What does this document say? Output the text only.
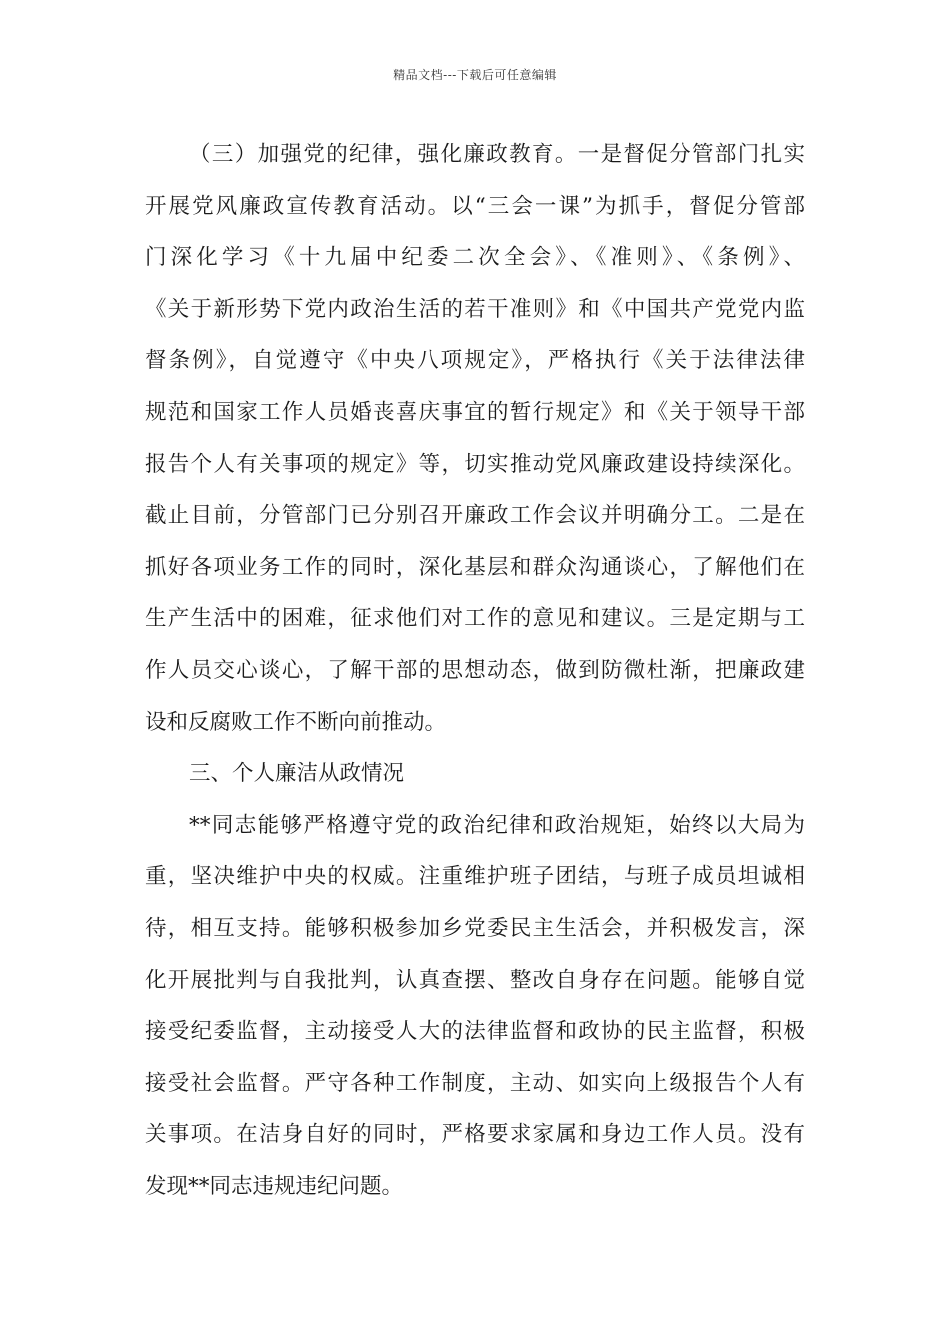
精品文档---下载后可任意编辑
（三）加强党的纪律，强化廉政教育。一是督促分管部门扎实
开展党风廉政宣传教育活动。以“三会一课”为抓手，督促分管部
门深化学习《十九届中纪委二次全会》、《准则》、《条例》、
《关于新形势下党内政治生活的若干准则》和《中国共产党党内监
督条例》，自觉遵守《中央八项规定》，严格执行《关于法律法律
规范和国家工作人员婚丧喜庆事宜的暂行规定》和《关于领导干部
报告个人有关事项的规定》等，切实推动党风廉政建设持续深化。
截止目前，分管部门已分别召开廉政工作会议并明确分工。二是在
抓好各项业务工作的同时，深化基层和群众沟通谈心，了解他们在
生产生活中的困难，征求他们对工作的意见和建议。三是定期与工
作人员交心谈心，了解干部的思想动态，做到防微杜渐，把廉政建
设和反腐败工作不断向前推动。
三、个人廉洁从政情况
**同志能够严格遵守党的政治纪律和政治规矩，始终以大局为
重，坚决维护中央的权威。注重维护班子团结，与班子成员坦诚相
待，相互支持。能够积极参加乡党委民主生活会，并积极发言，深
化开展批判与自我批判，认真查摆、整改自身存在问题。能够自觉
接受纪委监督，主动接受人大的法律监督和政协的民主监督，积极
接受社会监督。严守各种工作制度，主动、如实向上级报告个人有
关事项。在洁身自好的同时，严格要求家属和身边工作人员。没有
发现**同志违规违纪问题。
